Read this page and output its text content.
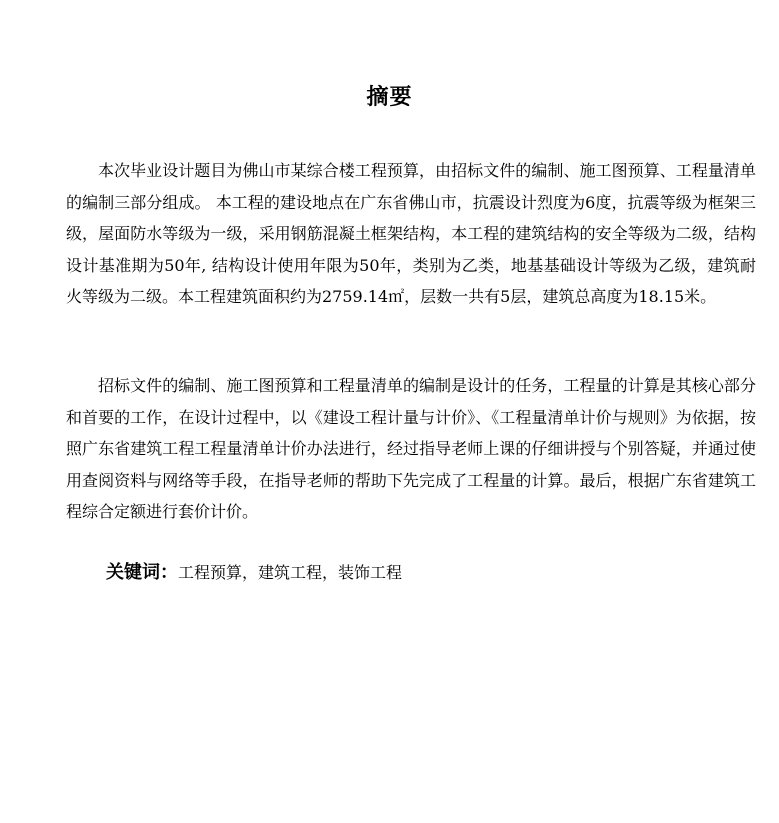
摘要

本次毕业设计题目为佛山市某综合楼工程预算，由招标文件的编制、施工图预算、工程量清单的编制三部分组成。 本工程的建设地点在广东省佛山市，抗震设计烈度为6度，抗震等级为框架三级，屋面防水等级为一级，采用钢筋混凝土框架结构，本工程的建筑结构的安全等级为二级，结构设计基准期为50年, 结构设计使用年限为50年，类别为乙类，地基基础设计等级为乙级，建筑耐火等级为二级。本工程建筑面积约为2759.14㎡，层数一共有5层，建筑总高度为18.15米。

招标文件的编制、施工图预算和工程量清单的编制是设计的任务，工程量的计算是其核心部分和首要的工作，在设计过程中，以《建设工程计量与计价》、《工程量清单计价与规则》为依据，按照广东省建筑工程工程量清单计价办法进行，经过指导老师上课的仔细讲授与个别答疑，并通过使用查阅资料与网络等手段，在指导老师的帮助下先完成了工程量的计算。最后，根据广东省建筑工程综合定额进行套价计价。

关键词：工程预算，建筑工程，装饰工程
